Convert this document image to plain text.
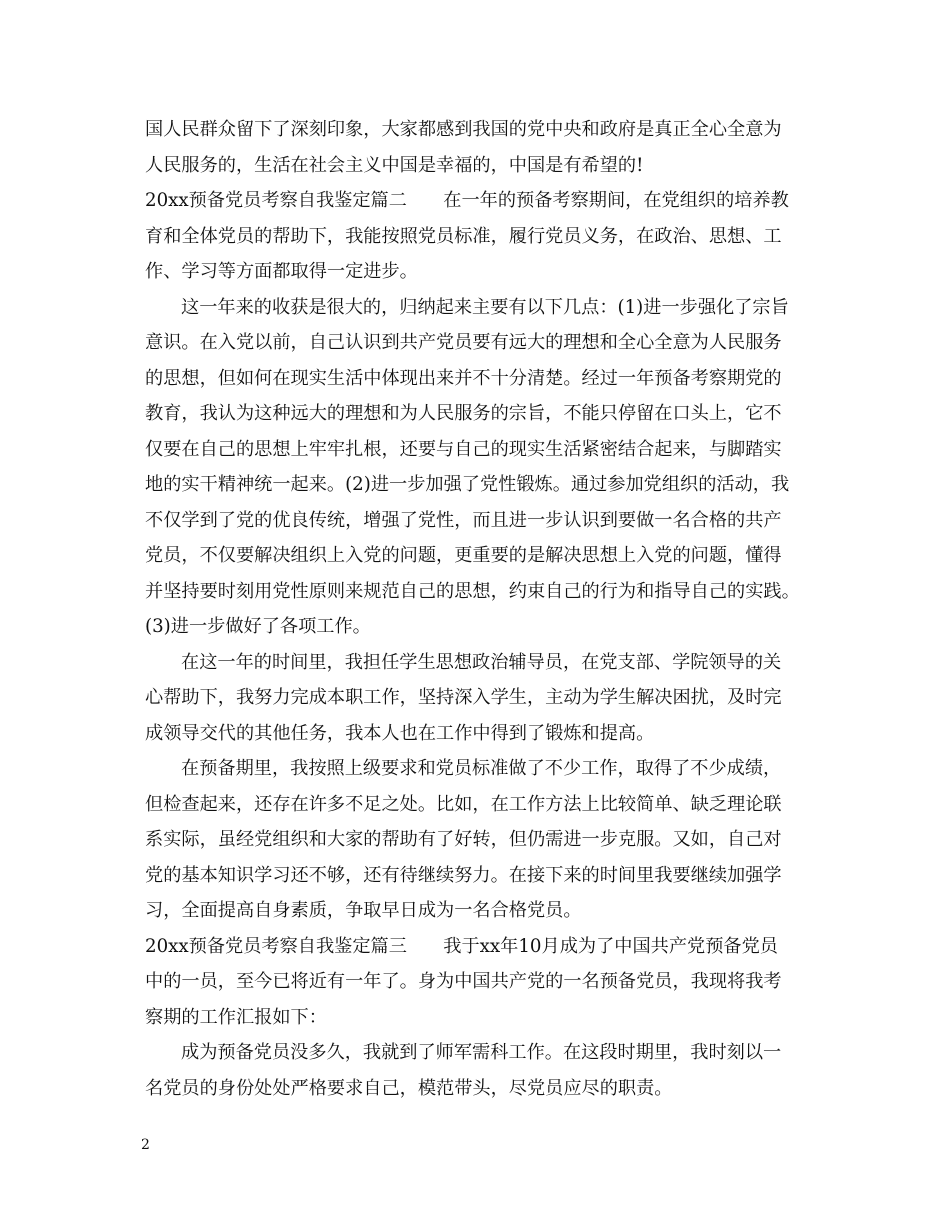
国人民群众留下了深刻印象，大家都感到我国的党中央和政府是真正全心全意为
人民服务的，生活在社会主义中国是幸福的，中国是有希望的!
20xx预备党员考察自我鉴定篇二　　在一年的预备考察期间，在党组织的培养教
育和全体党员的帮助下，我能按照党员标准，履行党员义务，在政治、思想、工
作、学习等方面都取得一定进步。
这一年来的收获是很大的，归纳起来主要有以下几点：(1)进一步强化了宗旨
意识。在入党以前，自己认识到共产党员要有远大的理想和全心全意为人民服务
的思想，但如何在现实生活中体现出来并不十分清楚。经过一年预备考察期党的
教育，我认为这种远大的理想和为人民服务的宗旨，不能只停留在口头上，它不
仅要在自己的思想上牢牢扎根，还要与自己的现实生活紧密结合起来，与脚踏实
地的实干精神统一起来。(2)进一步加强了党性锻炼。通过参加党组织的活动，我
不仅学到了党的优良传统，增强了党性，而且进一步认识到要做一名合格的共产
党员，不仅要解决组织上入党的问题，更重要的是解决思想上入党的问题，懂得
并坚持要时刻用党性原则来规范自己的思想，约束自己的行为和指导自己的实践。
(3)进一步做好了各项工作。
在这一年的时间里，我担任学生思想政治辅导员，在党支部、学院领导的关
心帮助下，我努力完成本职工作，坚持深入学生，主动为学生解决困扰，及时完
成领导交代的其他任务，我本人也在工作中得到了锻炼和提高。
在预备期里，我按照上级要求和党员标准做了不少工作，取得了不少成绩，
但检查起来，还存在许多不足之处。比如，在工作方法上比较简单、缺乏理论联
系实际，虽经党组织和大家的帮助有了好转，但仍需进一步克服。又如，自己对
党的基本知识学习还不够，还有待继续努力。在接下来的时间里我要继续加强学
习，全面提高自身素质，争取早日成为一名合格党员。
20xx预备党员考察自我鉴定篇三　　我于xx年10月成为了中国共产党预备党员
中的一员，至今已将近有一年了。身为中国共产党的一名预备党员，我现将我考
察期的工作汇报如下：
成为预备党员没多久，我就到了师军需科工作。在这段时期里，我时刻以一
名党员的身份处处严格要求自己，模范带头，尽党员应尽的职责。
2
